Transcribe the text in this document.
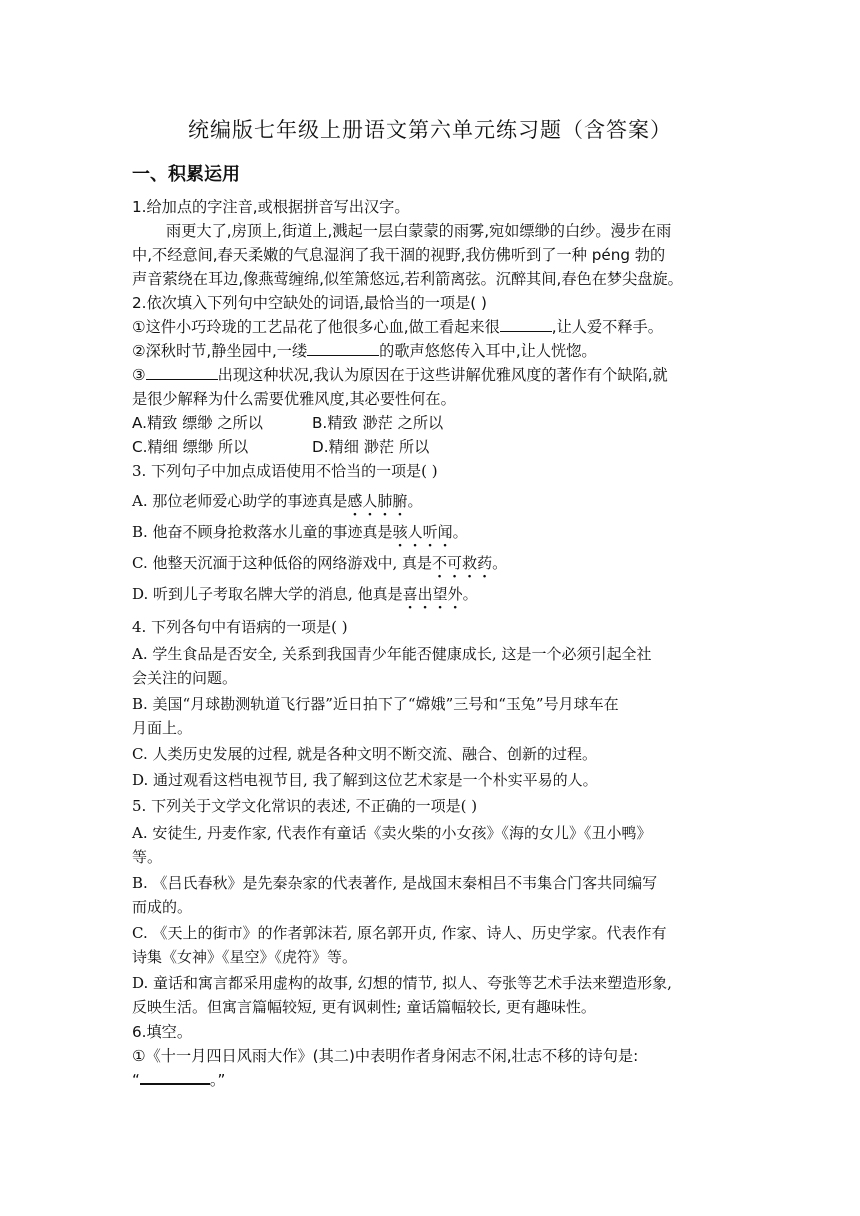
统编版七年级上册语文第六单元练习题（含答案）
一、积累运用
1.给加点的字注音,或根据拼音写出汉字。
雨更大了,房顶上,街道上,溅起一层白蒙蒙的雨雾,宛如缥缈的白纱。漫步在雨
中,不经意间,春天柔嫩的气息湿润了我干涸的视野,我仿佛听到了一种 péng 勃的
声音萦绕在耳边,像燕莺缠绵,似笙箫悠远,若利箭离弦。沉醉其间,春色在梦尖盘旋。
2.依次填入下列句中空缺处的词语,最恰当的一项是( )
①这件小巧玲珑的工艺品花了他很多心血,做工看起来很	,让人爱不释手。
②深秋时节,静坐园中,一缕	的歌声悠悠传入耳中,让人恍惚。
③	出现这种状况,我认为原因在于这些讲解优雅风度的著作有个缺陷,就
是很少解释为什么需要优雅风度,其必要性何在。
A.精致 缥缈 之所以	B.精致 渺茫 之所以
C.精细 缥缈 所以	D.精细 渺茫 所以
3. 下列句子中加点成语使用不恰当的一项是( )
A. 那位老师爱心助学的事迹真是感人肺腑。
B. 他奋不顾身抢救落水儿童的事迹真是骇人听闻。
C. 他整天沉湎于这种低俗的网络游戏中, 真是不可救药。
D. 听到儿子考取名牌大学的消息, 他真是喜出望外。
4. 下列各句中有语病的一项是( )
A. 学生食品是否安全, 关系到我国青少年能否健康成长, 这是一个必须引起全社
会关注的问题。
B. 美国“月球勘测轨道飞行器”近日拍下了“嫦娥”三号和“玉兔”号月球车在
月面上。
C. 人类历史发展的过程, 就是各种文明不断交流、融合、创新的过程。
D. 通过观看这档电视节目, 我了解到这位艺术家是一个朴实平易的人。
5. 下列关于文学文化常识的表述, 不正确的一项是( )
A. 安徒生, 丹麦作家, 代表作有童话《卖火柴的小女孩》《海的女儿》《丑小鸭》
等。
B. 《吕氏春秋》是先秦杂家的代表著作, 是战国末秦相吕不韦集合门客共同编写
而成的。
C. 《天上的街市》的作者郭沫若, 原名郭开贞, 作家、诗人、历史学家。代表作有
诗集《女神》《星空》《虎符》等。
D. 童话和寓言都采用虚构的故事, 幻想的情节, 拟人、夸张等艺术手法来塑造形象,
反映生活。但寓言篇幅较短, 更有讽刺性; 童话篇幅较长, 更有趣味性。
6.填空。
①《十一月四日风雨大作》(其二)中表明作者身闲志不闲,壮志不移的诗句是:
“	。”
